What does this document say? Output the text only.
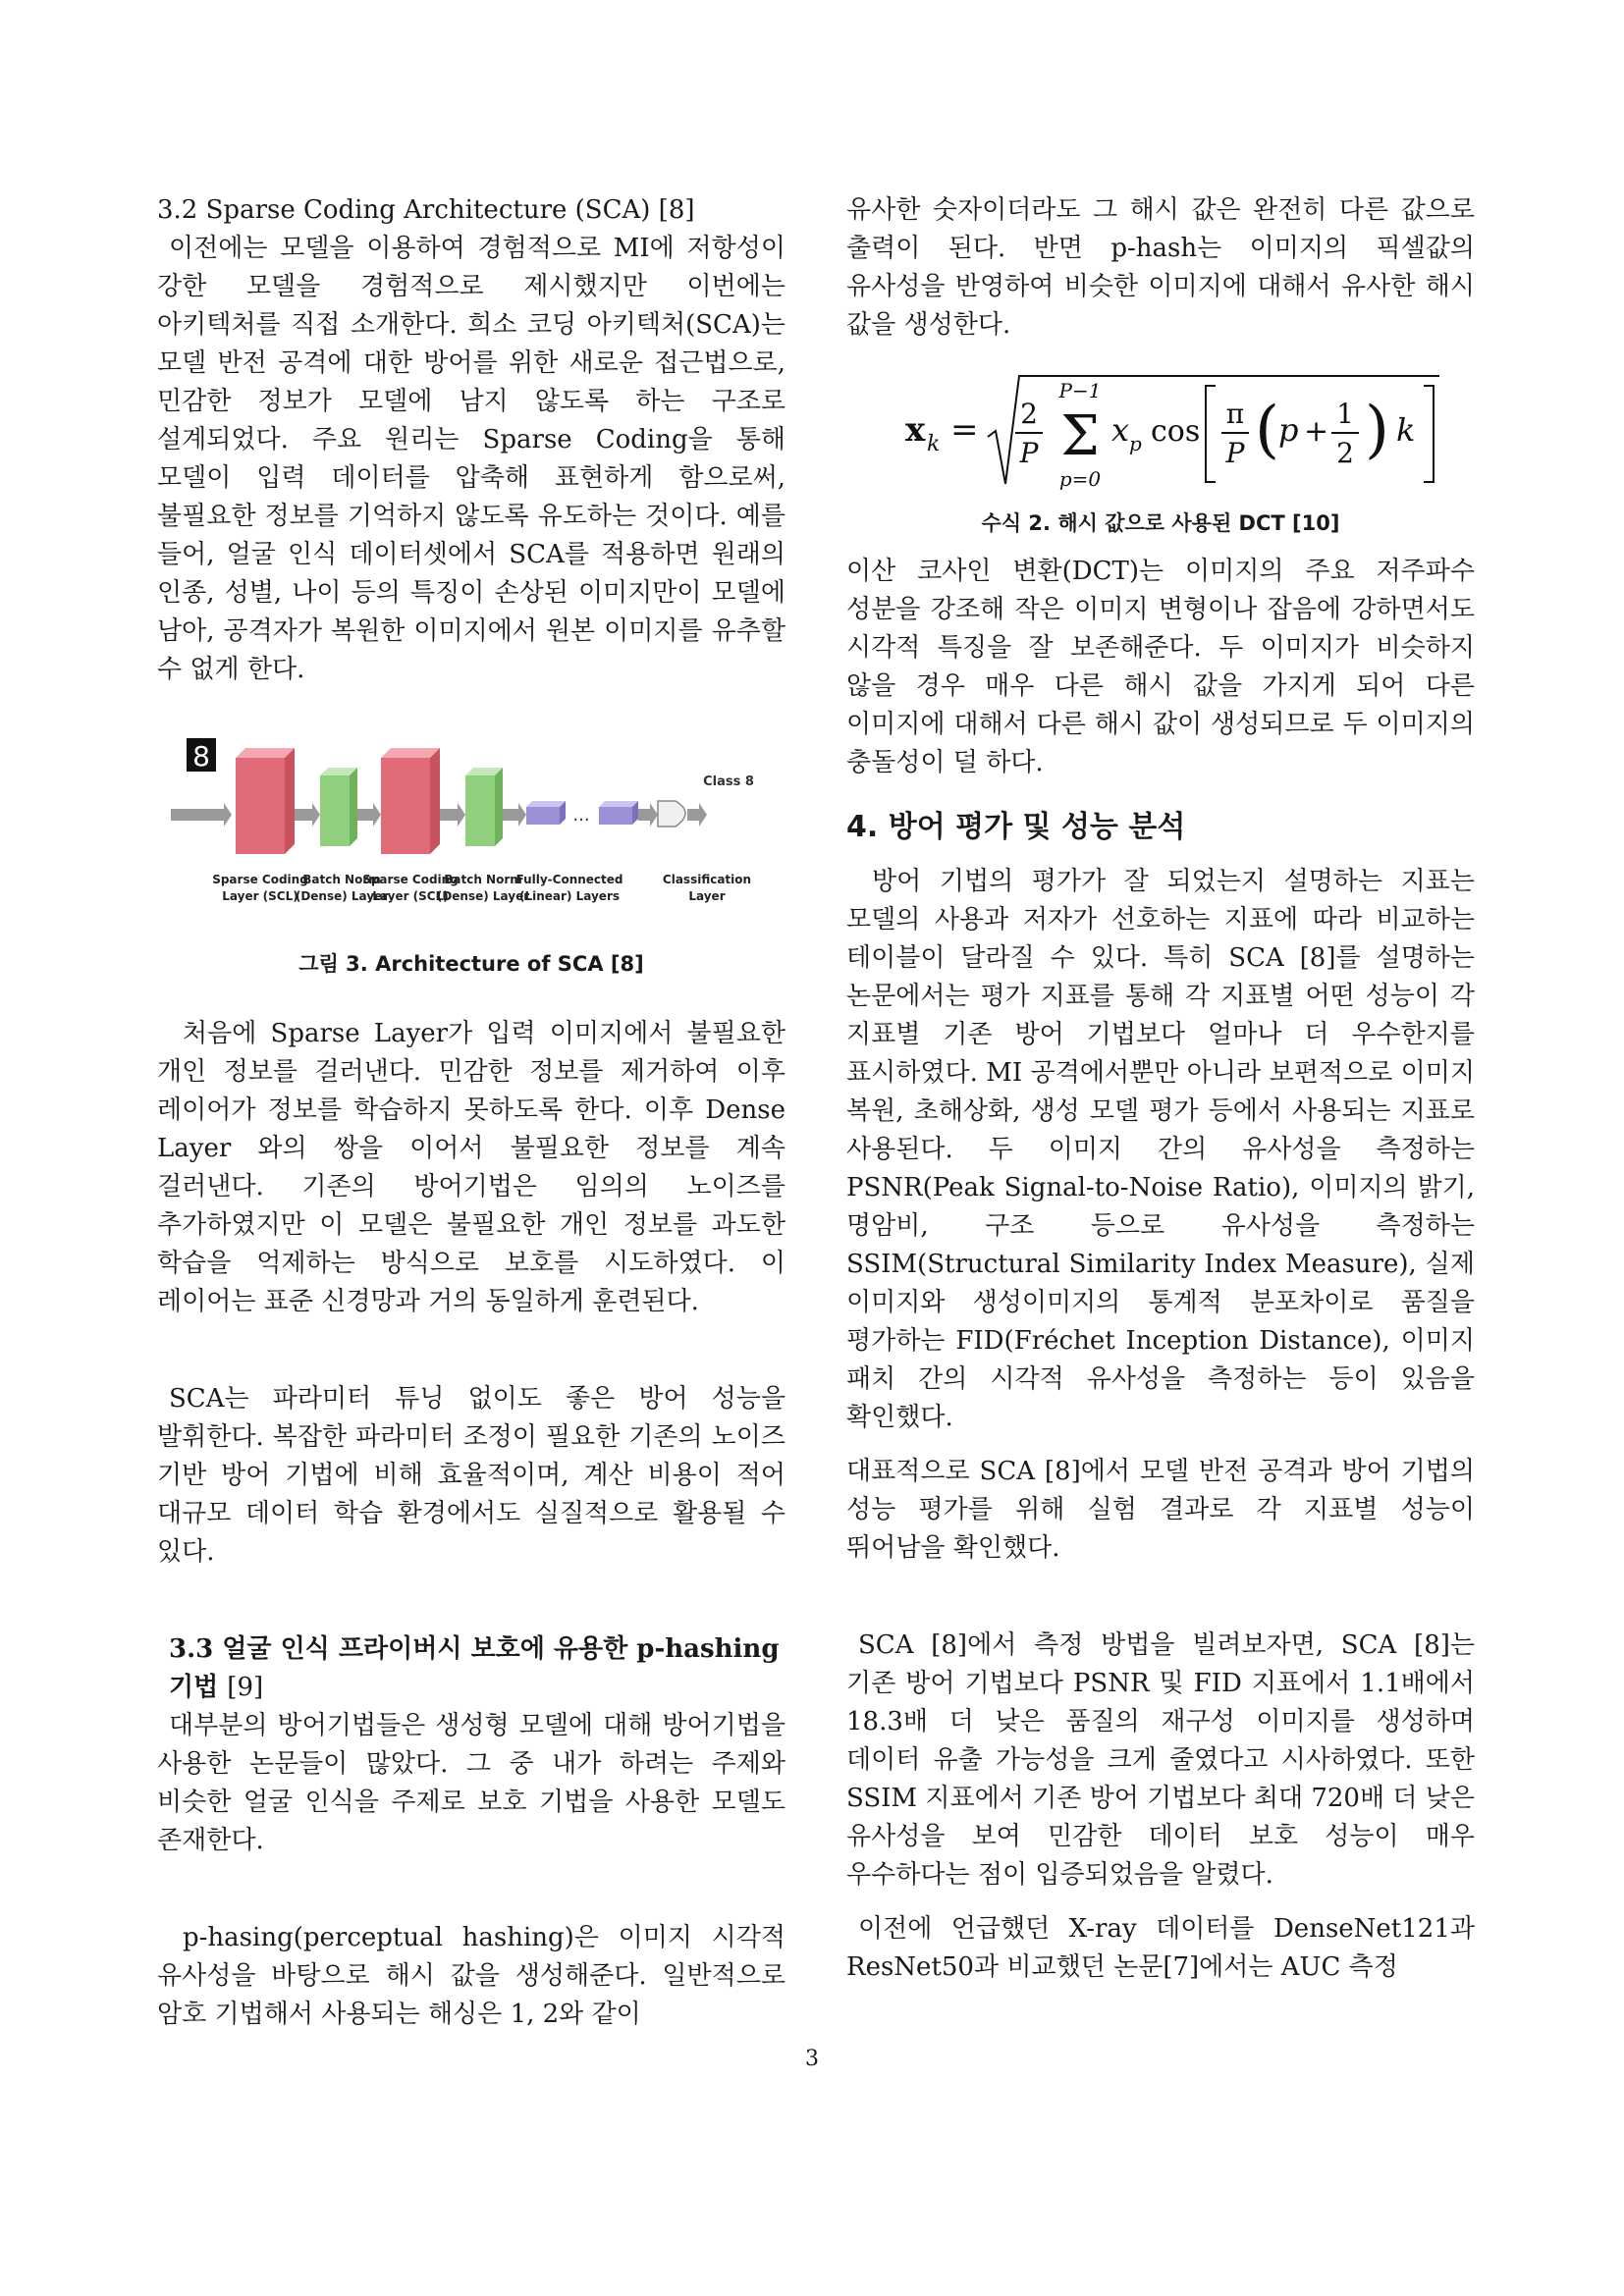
3.2 Sparse Coding Architecture (SCA) [8]

이전에는 모델을 이용하여 경험적으로 MI에 저항성이 강한 모델을 경험적으로 제시했지만 이번에는 아키텍처를 직접 소개한다. 희소 코딩 아키텍처(SCA)는 모델 반전 공격에 대한 방어를 위한 새로운 접근법으로, 민감한 정보가 모델에 남지 않도록 하는 구조로 설계되었다. 주요 원리는 Sparse Coding을 통해 모델이 입력 데이터를 압축해 표현하게 함으로써, 불필요한 정보를 기억하지 않도록 유도하는 것이다. 예를 들어, 얼굴 인식 데이터셋에서 SCA를 적용하면 원래의 인종, 성별, 나이 등의 특징이 손상된 이미지만이 모델에 남아, 공격자가 복원한 이미지에서 원본 이미지를 유추할 수 없게 한다.

8
...
Class 8
Sparse Coding
Layer (SCL)
Batch Norm
(Dense) Layer
Sparse Coding
Layer (SCL)
Batch Norm
(Dense) Layer
Fully-Connected
(Linear) Layers
Classification
Layer

그림 3. Architecture of SCA [8]

처음에 Sparse Layer가 입력 이미지에서 불필요한 개인 정보를 걸러낸다. 민감한 정보를 제거하여 이후 레이어가 정보를 학습하지 못하도록 한다. 이후 Dense Layer 와의 쌍을 이어서 불필요한 정보를 계속 걸러낸다. 기존의 방어기법은 임의의 노이즈를 추가하였지만 이 모델은 불필요한 개인 정보를 과도한 학습을 억제하는 방식으로 보호를 시도하였다. 이 레이어는 표준 신경망과 거의 동일하게 훈련된다.

SCA는 파라미터 튜닝 없이도 좋은 방어 성능을 발휘한다. 복잡한 파라미터 조정이 필요한 기존의 노이즈 기반 방어 기법에 비해 효율적이며, 계산 비용이 적어 대규모 데이터 학습 환경에서도 실질적으로 활용될 수 있다.

3.3 얼굴 인식 프라이버시 보호에 유용한 p-hashing 기법 [9]

대부분의 방어기법들은 생성형 모델에 대해 방어기법을 사용한 논문들이 많았다. 그 중 내가 하려는 주제와 비슷한 얼굴 인식을 주제로 보호 기법을 사용한 모델도 존재한다.

p-hasing(perceptual hashing)은 이미지 시각적 유사성을 바탕으로 해시 값을 생성해준다. 일반적으로 암호 기법해서 사용되는 해싱은 1, 2와 같이

유사한 숫자이더라도 그 해시 값은 완전히 다른 값으로 출력이 된다. 반면 p-hash는 이미지의 픽셀값의 유사성을 반영하여 비슷한 이미지에 대해서 유사한 해시 값을 생성한다.

x k = 2
P
P−1
Σ
p=0
x p cos
π
P ( p +
1
2 ) k

수식 2. 해시 값으로 사용된 DCT [10]

이산 코사인 변환(DCT)는 이미지의 주요 저주파수 성분을 강조해 작은 이미지 변형이나 잡음에 강하면서도 시각적 특징을 잘 보존해준다. 두 이미지가 비슷하지 않을 경우 매우 다른 해시 값을 가지게 되어 다른 이미지에 대해서 다른 해시 값이 생성되므로 두 이미지의 충돌성이 덜 하다.

4. 방어 평가 및 성능 분석

방어 기법의 평가가 잘 되었는지 설명하는 지표는 모델의 사용과 저자가 선호하는 지표에 따라 비교하는 테이블이 달라질 수 있다. 특히 SCA [8]를 설명하는 논문에서는 평가 지표를 통해 각 지표별 어떤 성능이 각 지표별 기존 방어 기법보다 얼마나 더 우수한지를 표시하였다. MI 공격에서뿐만 아니라 보편적으로 이미지 복원, 초해상화, 생성 모델 평가 등에서 사용되는 지표로 사용된다. 두 이미지 간의 유사성을 측정하는 PSNR(Peak Signal-to-Noise Ratio), 이미지의 밝기, 명암비, 구조 등으로 유사성을 측정하는 SSIM(Structural Similarity Index Measure), 실제 이미지와 생성이미지의 통계적 분포차이로 품질을 평가하는 FID(Fréchet Inception Distance), 이미지 패치 간의 시각적 유사성을 측정하는 등이 있음을 확인했다.

대표적으로 SCA [8]에서 모델 반전 공격과 방어 기법의 성능 평가를 위해 실험 결과로 각 지표별 성능이 뛰어남을 확인했다.

SCA [8]에서 측정 방법을 빌려보자면, SCA [8]는 기존 방어 기법보다 PSNR 및 FID 지표에서 1.1배에서 18.3배 더 낮은 품질의 재구성 이미지를 생성하며 데이터 유출 가능성을 크게 줄였다고 시사하였다. 또한 SSIM 지표에서 기존 방어 기법보다 최대 720배 더 낮은 유사성을 보여 민감한 데이터 보호 성능이 매우 우수하다는 점이 입증되었음을 알렸다.

이전에 언급했던 X-ray 데이터를 DenseNet121과 ResNet50과 비교했던 논문[7]에서는 AUC 측정

3
